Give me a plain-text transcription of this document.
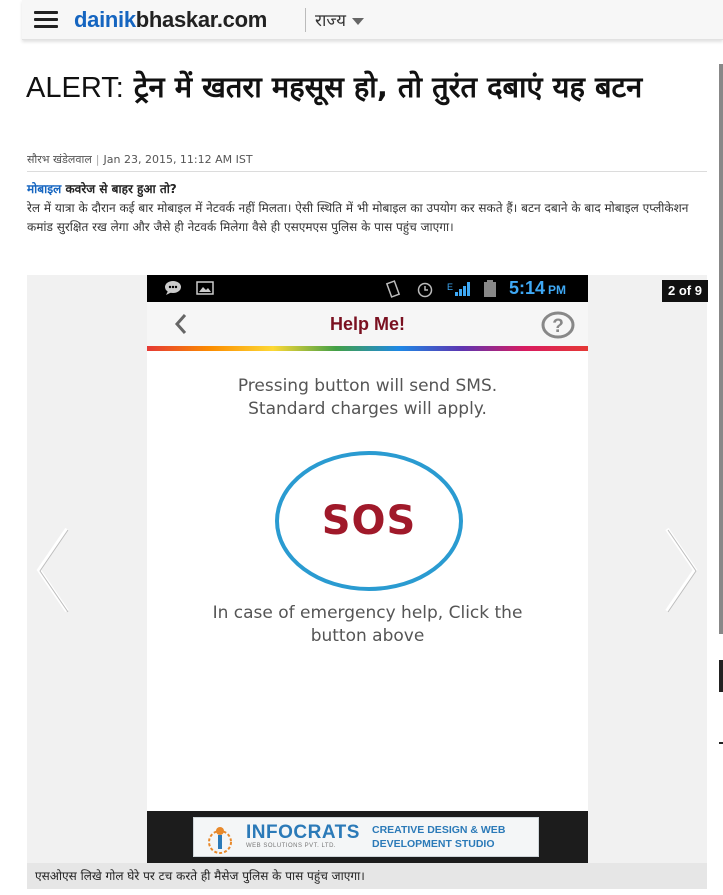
dainikbhaskar.com	राज्य
ALERT: ट्रेन में खतरा महसूस हो, तो तुरंत दबाएं यह बटन
सौरभ खंडेलवाल | Jan 23, 2015, 11:12 AM IST
मोबाइल कवरेज से बाहर हुआ तो?

रेल में यात्रा के दौरान कई बार मोबाइल में नेटवर्क नहीं मिलता। ऐसी स्थिति में भी मोबाइल का उपयोग कर सकते हैं। बटन दबाने के बाद मोबाइल एप्लीकेशन कमांड सुरक्षित रख लेगा और जैसे ही नेटवर्क मिलेगा वैसे ही एसएमएस पुलिस के पास पहुंच जाएगा।

E	5:14 PM
Help Me!	?
Pressing button will send SMS.
Standard charges will apply.
SOS
In case of emergency help, Click the
button above
INFOCRATS
WEB SOLUTIONS PVT. LTD.
CREATIVE DESIGN & WEB
DEVELOPMENT STUDIO
2 of 9
एसओएस लिखे गोल घेरे पर टच करते ही मैसेज पुलिस के पास पहुंच जाएगा।
